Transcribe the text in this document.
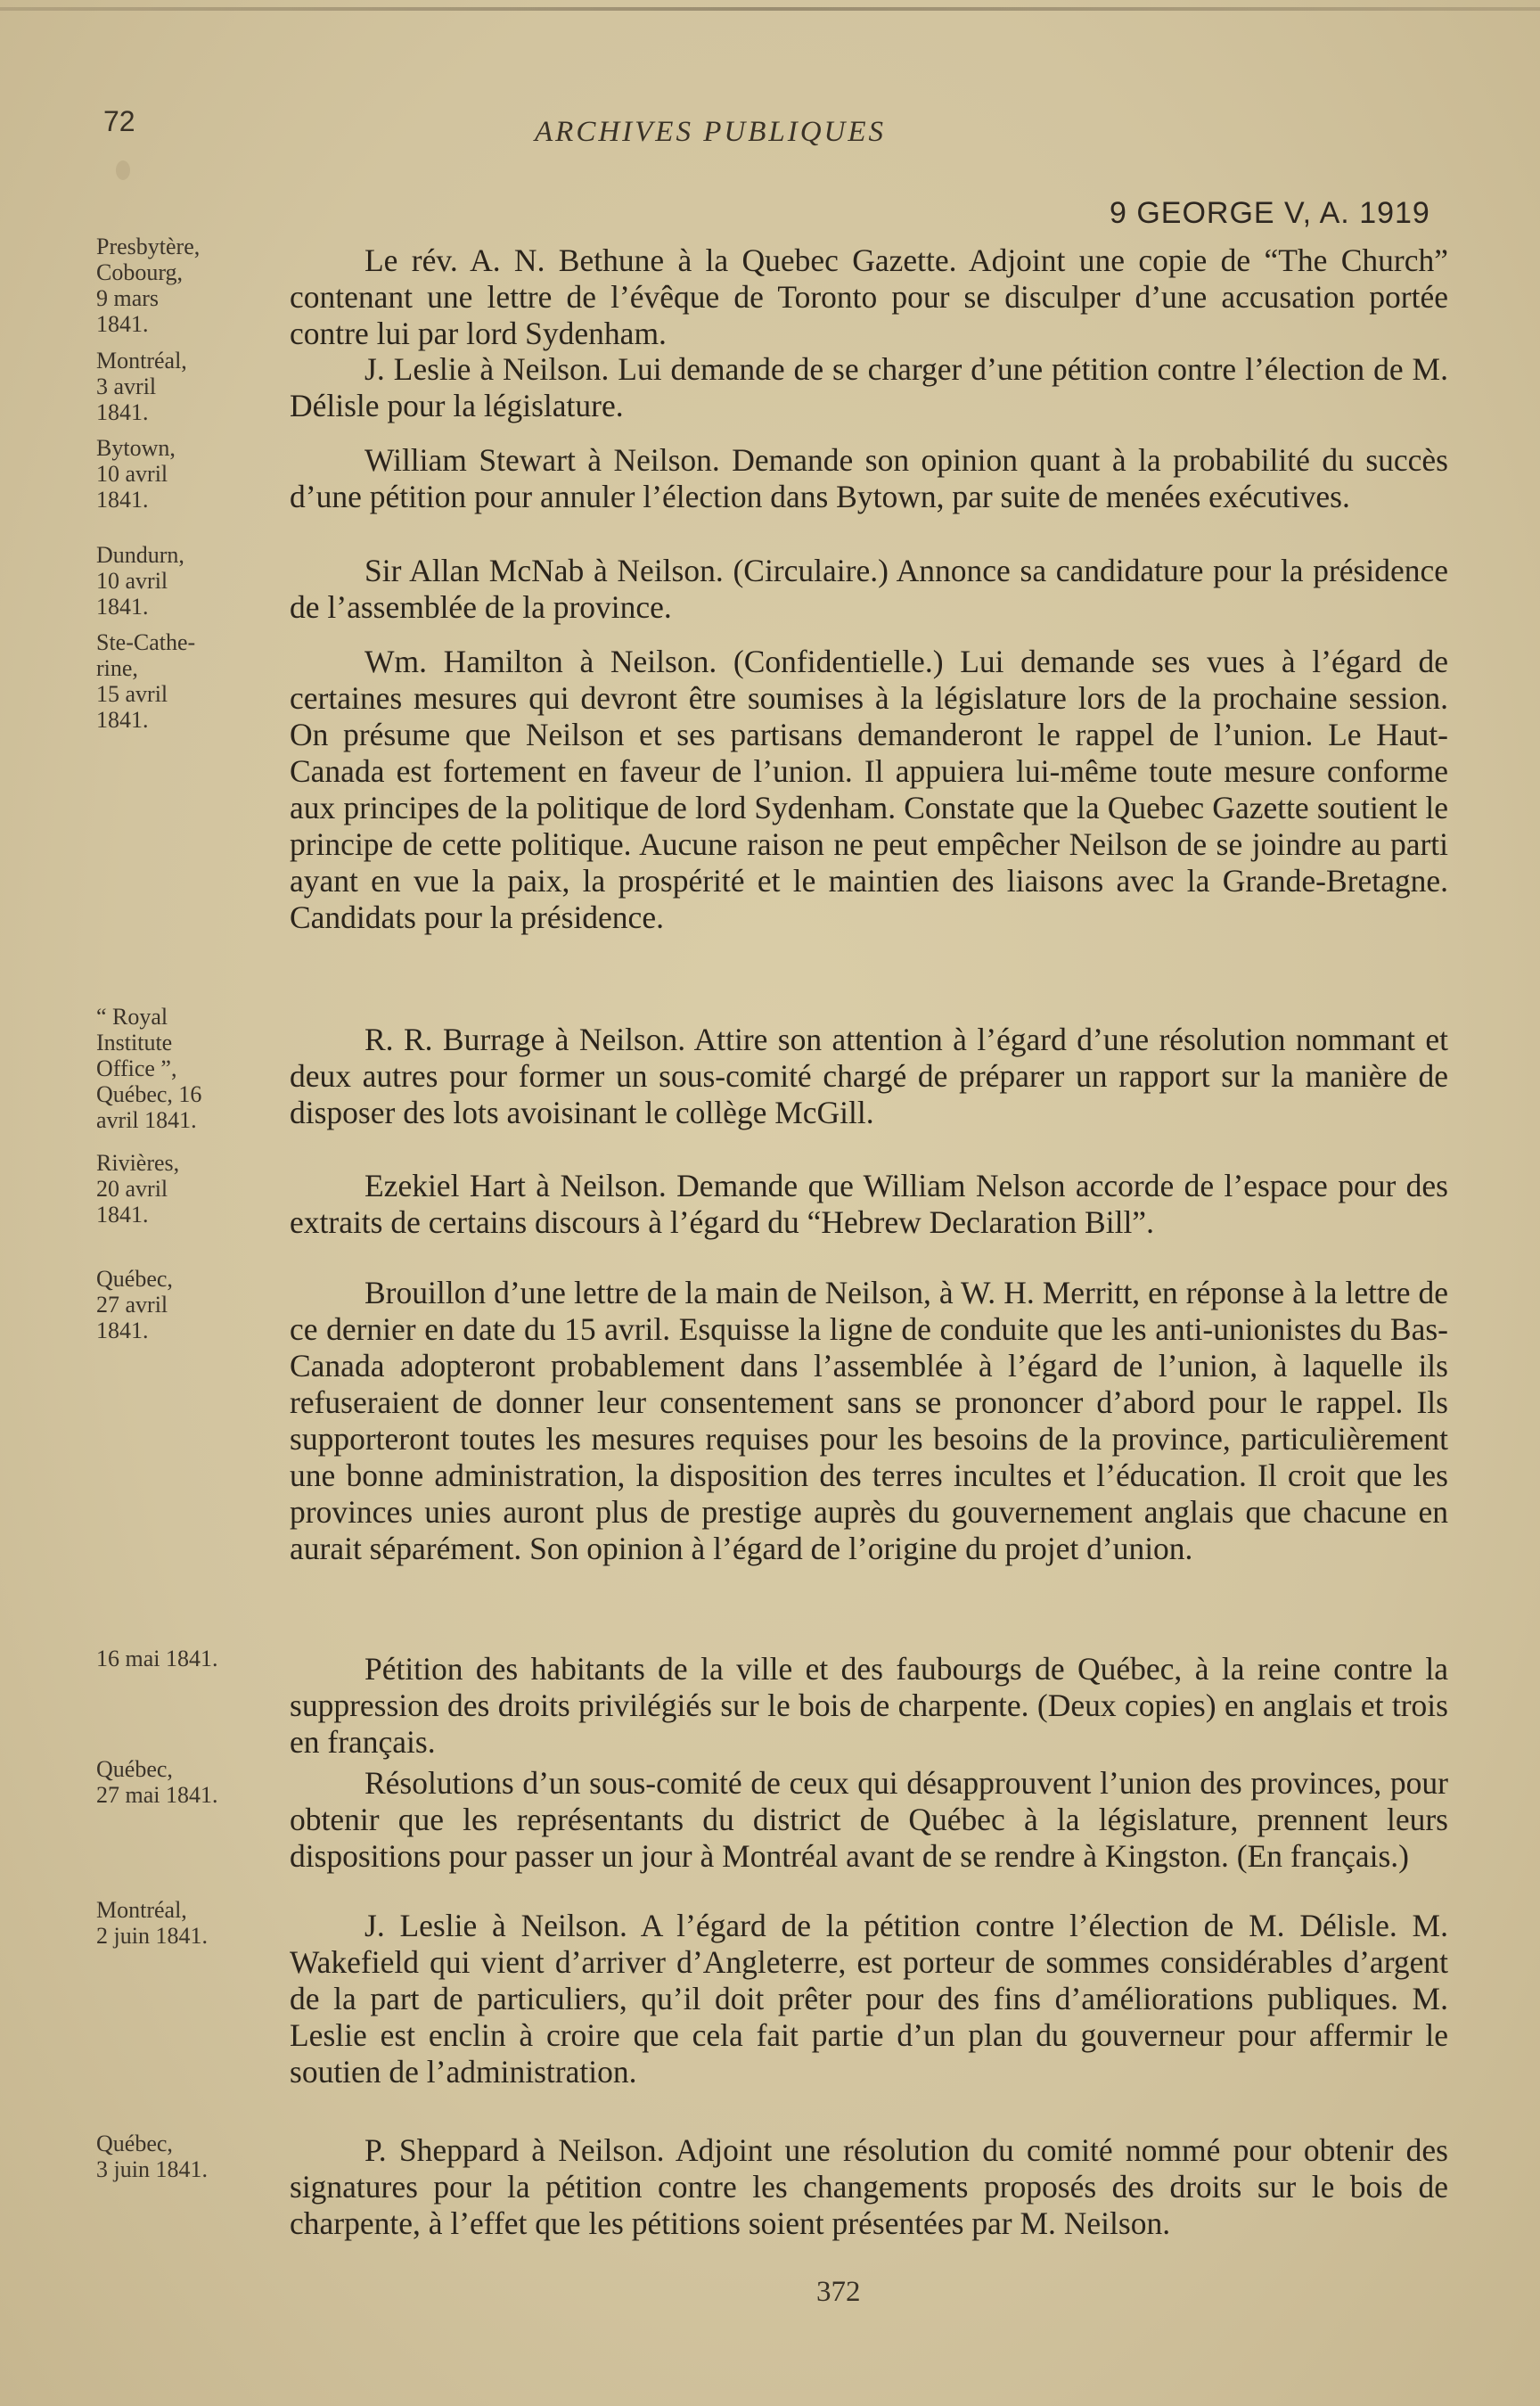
72	ARCHIVES PUBLIQUES
9 GEORGE V, A. 1919
Presbytère,
Cobourg,
9 mars
1841.
Le rév. A. N. Bethune à la Quebec Gazette. Adjoint une copie de “The Church” contenant une lettre de l’évêque de Toronto pour se disculper d’une accusation portée contre lui par lord Sydenham.
Montréal,
3 avril
1841.
J. Leslie à Neilson. Lui demande de se charger d’une pétition contre l’élection de M. Délisle pour la législature.
Bytown,
10 avril
1841.
William Stewart à Neilson. Demande son opinion quant à la probabilité du succès d’une pétition pour annuler l’élection dans Bytown, par suite de menées exécutives.
Dundurn,
10 avril
1841.
Sir Allan McNab à Neilson. (Circulaire.) Annonce sa candidature pour la présidence de l’assemblée de la province.
Ste-Cathe-
rine,
15 avril
1841.
Wm. Hamilton à Neilson. (Confidentielle.) Lui demande ses vues à l’égard de certaines mesures qui devront être soumises à la législature lors de la prochaine session. On présume que Neilson et ses partisans demanderont le rappel de l’union. Le Haut-Canada est fortement en faveur de l’union. Il appuiera lui-même toute mesure conforme aux principes de la politique de lord Sydenham. Constate que la Quebec Gazette soutient le principe de cette politique. Aucune raison ne peut empêcher Neilson de se joindre au parti ayant en vue la paix, la prospérité et le maintien des liaisons avec la Grande-Bretagne. Candidats pour la présidence.
“ Royal
Institute
Office ”,
Québec, 16
avril 1841.
R. R. Burrage à Neilson. Attire son attention à l’égard d’une résolution nommant et deux autres pour former un sous-comité chargé de préparer un rapport sur la manière de disposer des lots avoisinant le collège McGill.
Rivières,
20 avril
1841.
Ezekiel Hart à Neilson. Demande que William Nelson accorde de l’espace pour des extraits de certains discours à l’égard du “Hebrew Declaration Bill”.
Québec,
27 avril
1841.
Brouillon d’une lettre de la main de Neilson, à W. H. Merritt, en réponse à la lettre de ce dernier en date du 15 avril. Esquisse la ligne de conduite que les anti-unionistes du Bas-Canada adopteront probablement dans l’assemblée à l’égard de l’union, à laquelle ils refuseraient de donner leur consentement sans se prononcer d’abord pour le rappel. Ils supporteront toutes les mesures requises pour les besoins de la province, particulièrement une bonne administration, la disposition des terres incultes et l’éducation. Il croit que les provinces unies auront plus de prestige auprès du gouvernement anglais que chacune en aurait séparément. Son opinion à l’égard de l’origine du projet d’union.
16 mai 1841.	Pétition des habitants de la ville et des faubourgs de Québec, à la reine contre la suppression des droits privilégiés sur le bois de charpente. (Deux copies) en anglais et trois en français.
Québec,
27 mai 1841.	Résolutions d’un sous-comité de ceux qui désapprouvent l’union des provinces, pour obtenir que les représentants du district de Québec à la législature, prennent leurs dispositions pour passer un jour à Montréal avant de se rendre à Kingston. (En français.)
Montréal,
2 juin 1841.	J. Leslie à Neilson. A l’égard de la pétition contre l’élection de M. Délisle. M. Wakefield qui vient d’arriver d’Angleterre, est porteur de sommes considérables d’argent de la part de particuliers, qu’il doit prêter pour des fins d’améliorations publiques. M. Leslie est enclin à croire que cela fait partie d’un plan du gouverneur pour affermir le soutien de l’administration.
Québec,
3 juin 1841.
P. Sheppard à Neilson. Adjoint une résolution du comité nommé pour obtenir des signatures pour la pétition contre les changements proposés des droits sur le bois de charpente, à l’effet que les pétitions soient présentées par M. Neilson.
372
